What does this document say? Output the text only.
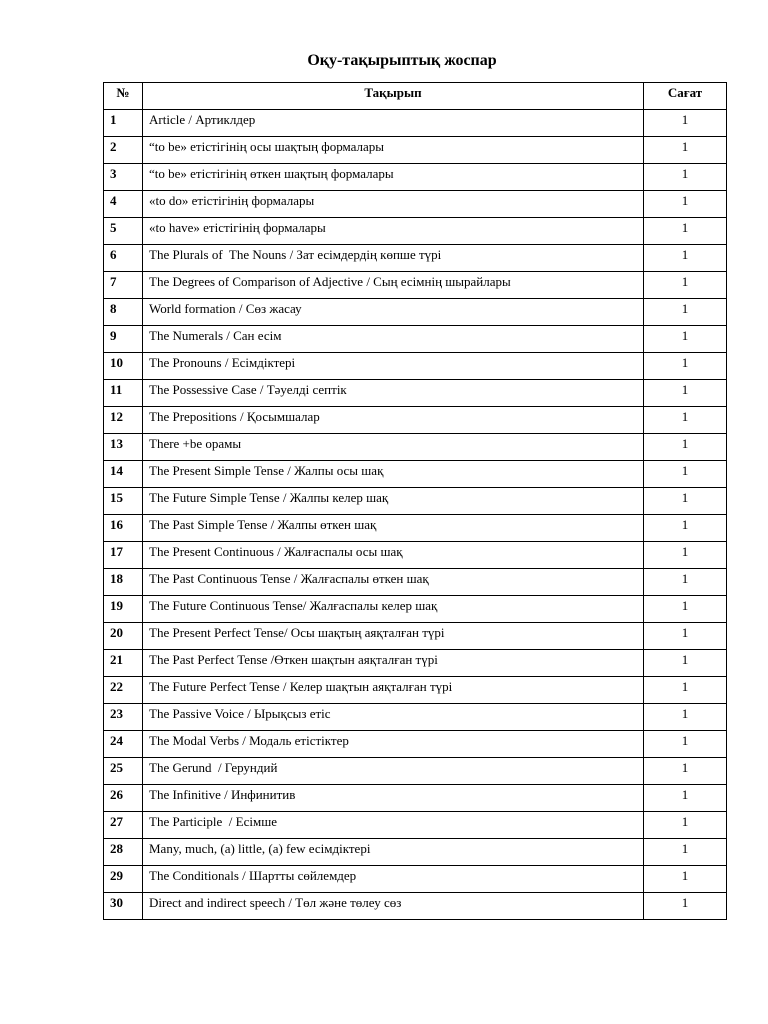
Оқу-тақырыптық жоспар
№	Тақырып	Сағат
1	Article / Артиклдер	1
2	“to be» етістігінің осы шақтың формалары	1
3	“to be» етістігінің өткен шақтың формалары	1
4	«to do» етістігінің формалары	1
5	«to have» етістігінің формалары	1
6	The Plurals of  The Nouns / Зат есімдердің көпше түрі	1
7	The Degrees of Comparison of Adjective / Сың есімнің шырайлары	1
8	World formation / Сөз жасау	1
9	The Numerals / Сан есім	1
10	The Pronouns / Есімдіктері	1
11	The Possessive Case / Тәуелді септік	1
12	The Prepositions / Қосымшалар	1
13	There +be орамы	1
14	The Present Simple Tense / Жалпы осы шақ	1
15	The Future Simple Tense / Жалпы келер шақ	1
16	The Past Simple Tense / Жалпы өткен шақ	1
17	The Present Continuous / Жалғаспалы осы шақ	1
18	The Past Continuous Tense / Жалғаспалы өткен шақ	1
19	The Future Continuous Tense/ Жалғаспалы келер шақ	1
20	The Present Perfect Tense/ Осы шақтың аяқталған түрі	1
21	The Past Perfect Tense /Өткен шақтын аяқталған түрі	1
22	The Future Perfect Tense / Келер шақтын аяқталған түрі	1
23	The Passive Voice / Ырықсыз етіс	1
24	The Modal Verbs / Модаль етістіктер	1
25	The Gerund  / Герундий	1
26	The Infinitive / Инфинитив	1
27	The Participle  / Есімше	1
28	Many, much, (a) little, (a) few есімдіктері	1
29	The Conditionals / Шартты сөйлемдер	1
30	Direct and indirect speech / Төл және төлеу сөз	1
